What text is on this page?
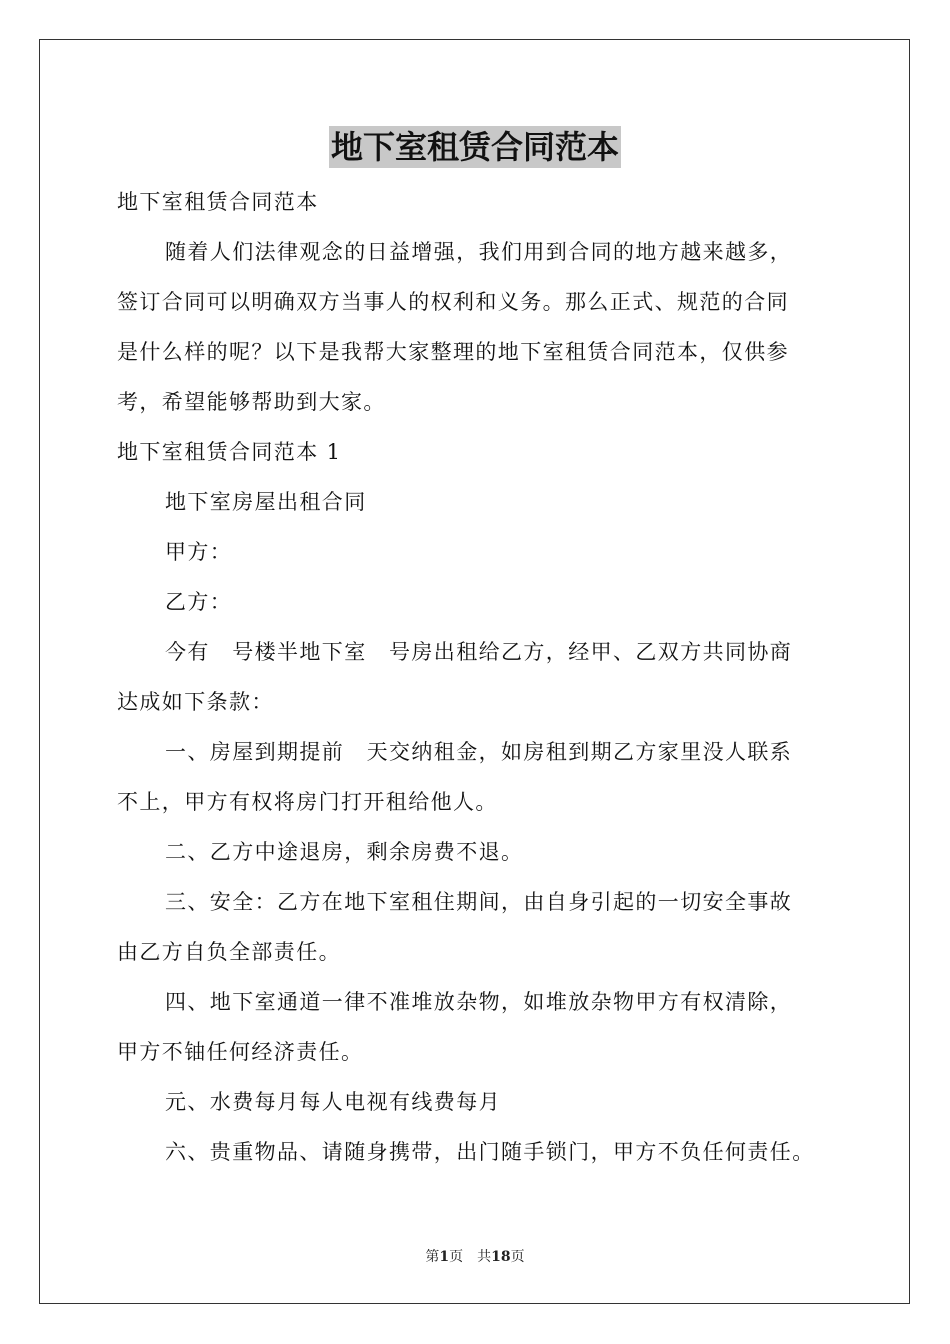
地下室租赁合同范本
地下室租赁合同范本
随着人们法律观念的日益增强，我们用到合同的地方越来越多，
签订合同可以明确双方当事人的权利和义务。那么正式、规范的合同
是什么样的呢？以下是我帮大家整理的地下室租赁合同范本，仅供参
考，希望能够帮助到大家。
地下室租赁合同范本 1
地下室房屋出租合同
甲方：
乙方：
今有　号楼半地下室　号房出租给乙方，经甲、乙双方共同协商
达成如下条款：
一、房屋到期提前　天交纳租金，如房租到期乙方家里没人联系
不上，甲方有权将房门打开租给他人。
二、乙方中途退房，剩余房费不退。
三、安全：乙方在地下室租住期间，由自身引起的一切安全事故
由乙方自负全部责任。
四、地下室通道一律不准堆放杂物，如堆放杂物甲方有权清除，
甲方不铀任何经济责任。
元、水费每月每人电视有线费每月
六、贵重物品、请随身携带，出门随手锁门，甲方不负任何责任。
第1页 共18页
